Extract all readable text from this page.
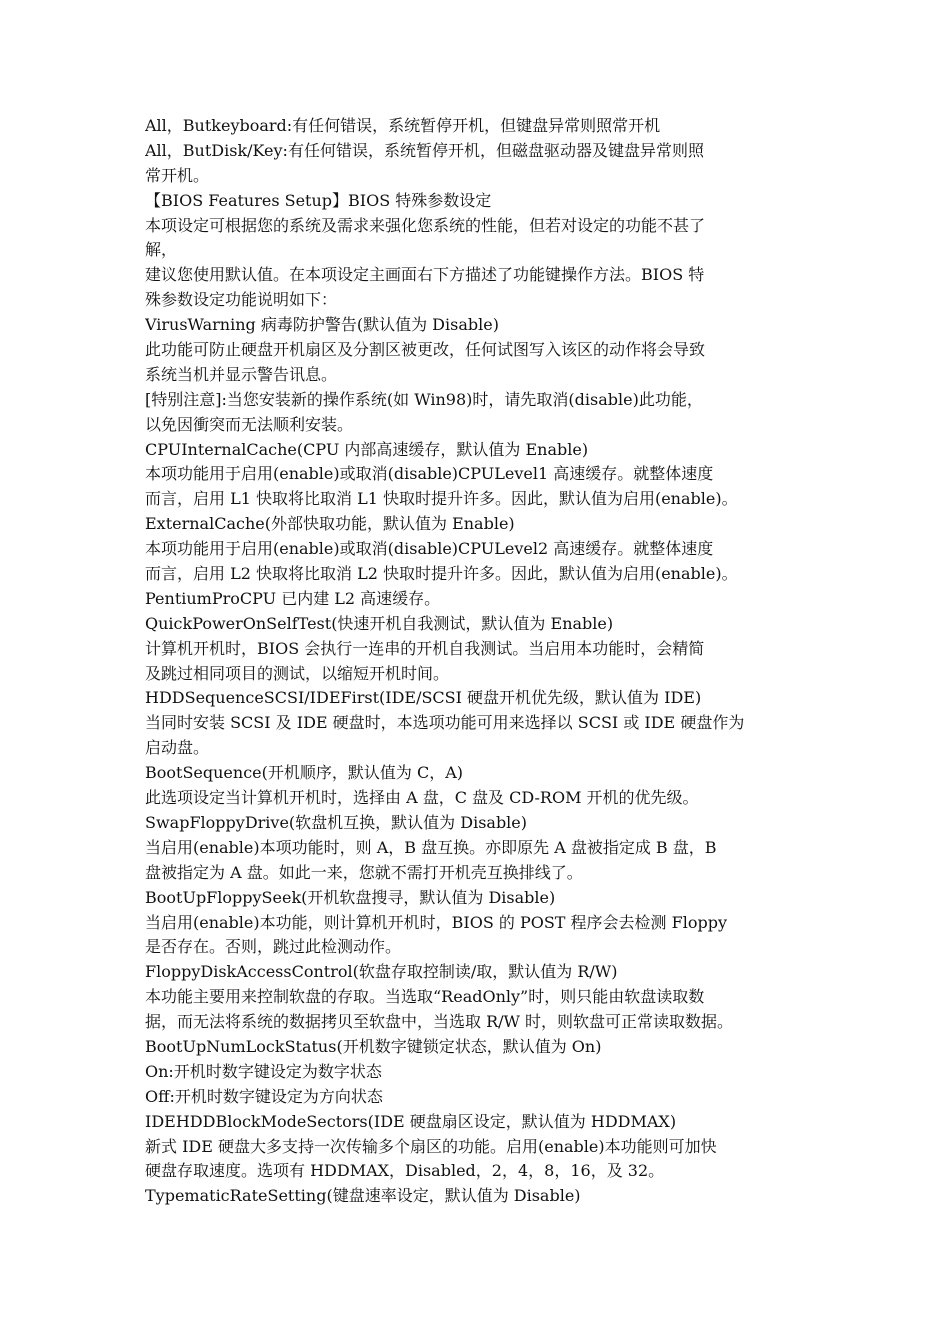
All，Butkeyboard:有任何错误，系统暂停开机，但键盘异常则照常开机
All，ButDisk/Key:有任何错误，系统暂停开机，但磁盘驱动器及键盘异常则照
常开机。
【BIOS Features Setup】BIOS 特殊参数设定
本项设定可根据您的系统及需求来强化您系统的性能，但若对设定的功能不甚了
解，
建议您使用默认值。在本项设定主画面右下方描述了功能键操作方法。BIOS 特
殊参数设定功能说明如下：
VirusWarning 病毒防护警告(默认值为 Disable)
此功能可防止硬盘开机扇区及分割区被更改，任何试图写入该区的动作将会导致
系统当机并显示警告讯息。
[特别注意]:当您安装新的操作系统(如 Win98)时，请先取消(disable)此功能，
以免因衝突而无法顺利安装。
CPUInternalCache(CPU 内部高速缓存，默认值为 Enable)
本项功能用于启用(enable)或取消(disable)CPULevel1 高速缓存。就整体速度
而言，启用 L1 快取将比取消 L1 快取时提升许多。因此，默认值为启用(enable)。
ExternalCache(外部快取功能，默认值为 Enable)
本项功能用于启用(enable)或取消(disable)CPULevel2 高速缓存。就整体速度
而言，启用 L2 快取将比取消 L2 快取时提升许多。因此，默认值为启用(enable)。
PentiumProCPU 已内建 L2 高速缓存。
QuickPowerOnSelfTest(快速开机自我测试，默认值为 Enable)
计算机开机时，BIOS 会执行一连串的开机自我测试。当启用本功能时，会精简
及跳过相同项目的测试，以缩短开机时间。
HDDSequenceSCSI/IDEFirst(IDE/SCSI 硬盘开机优先级，默认值为 IDE)
当同时安装 SCSI 及 IDE 硬盘时，本选项功能可用来选择以 SCSI 或 IDE 硬盘作为
启动盘。
BootSequence(开机顺序，默认值为 C，A)
此选项设定当计算机开机时，选择由 A 盘，C 盘及 CD-ROM 开机的优先级。
SwapFloppyDrive(软盘机互换，默认值为 Disable)
当启用(enable)本项功能时，则 A，B 盘互换。亦即原先 A 盘被指定成 B 盘，B
盘被指定为 A 盘。如此一来，您就不需打开机壳互换排线了。
BootUpFloppySeek(开机软盘搜寻，默认值为 Disable)
当启用(enable)本功能，则计算机开机时，BIOS 的 POST 程序会去检测 Floppy
是否存在。否则，跳过此检测动作。
FloppyDiskAccessControl(软盘存取控制读/取，默认值为 R/W)
本功能主要用来控制软盘的存取。当选取“ReadOnly”时，则只能由软盘读取数
据，而无法将系统的数据拷贝至软盘中，当选取 R/W 时，则软盘可正常读取数据。
BootUpNumLockStatus(开机数字键锁定状态，默认值为 On)
On:开机时数字键设定为数字状态
Off:开机时数字键设定为方向状态
IDEHDDBlockModeSectors(IDE 硬盘扇区设定，默认值为 HDDMAX)
新式 IDE 硬盘大多支持一次传输多个扇区的功能。启用(enable)本功能则可加快
硬盘存取速度。选项有 HDDMAX，Disabled，2，4，8，16，及 32。
TypematicRateSetting(键盘速率设定，默认值为 Disable)
